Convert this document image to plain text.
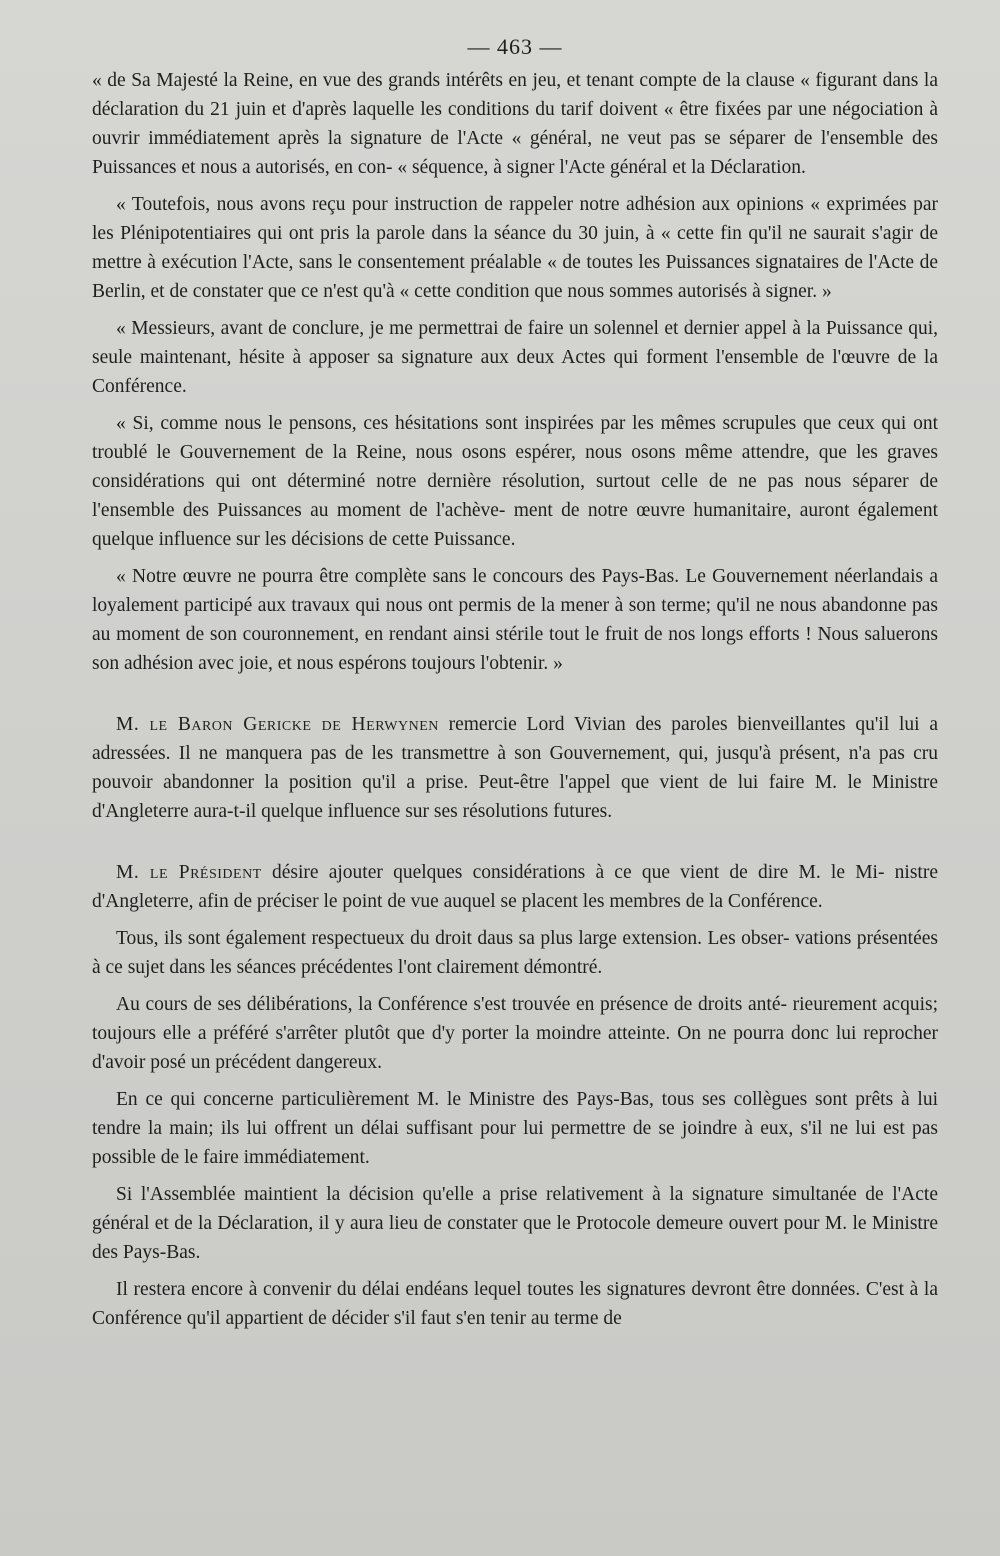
— 463 —

« de Sa Majesté la Reine, en vue des grands intérêts en jeu, et tenant compte de la clause « figurant dans la déclaration du 21 juin et d'après laquelle les conditions du tarif doivent « être fixées par une négociation à ouvrir immédiatement après la signature de l'Acte « général, ne veut pas se séparer de l'ensemble des Puissances et nous a autorisés, en con- « séquence, à signer l'Acte général et la Déclaration.

« Toutefois, nous avons reçu pour instruction de rappeler notre adhésion aux opinions « exprimées par les Plénipotentiaires qui ont pris la parole dans la séance du 30 juin, à « cette fin qu'il ne saurait s'agir de mettre à exécution l'Acte, sans le consentement préalable « de toutes les Puissances signataires de l'Acte de Berlin, et de constater que ce n'est qu'à « cette condition que nous sommes autorisés à signer. »

« Messieurs, avant de conclure, je me permettrai de faire un solennel et dernier appel à la Puissance qui, seule maintenant, hésite à apposer sa signature aux deux Actes qui forment l'ensemble de l'œuvre de la Conférence.

« Si, comme nous le pensons, ces hésitations sont inspirées par les mêmes scrupules que ceux qui ont troublé le Gouvernement de la Reine, nous osons espérer, nous osons même attendre, que les graves considérations qui ont déterminé notre dernière résolution, surtout celle de ne pas nous séparer de l'ensemble des Puissances au moment de l'achève- ment de notre œuvre humanitaire, auront également quelque influence sur les décisions de cette Puissance.

« Notre œuvre ne pourra être complète sans le concours des Pays-Bas. Le Gouvernement néerlandais a loyalement participé aux travaux qui nous ont permis de la mener à son terme; qu'il ne nous abandonne pas au moment de son couronnement, en rendant ainsi stérile tout le fruit de nos longs efforts ! Nous saluerons son adhésion avec joie, et nous espérons toujours l'obtenir. »

M. le Baron Gericke de Herwynen remercie Lord Vivian des paroles bienveillantes qu'il lui a adressées. Il ne manquera pas de les transmettre à son Gouvernement, qui, jusqu'à présent, n'a pas cru pouvoir abandonner la position qu'il a prise. Peut-être l'appel que vient de lui faire M. le Ministre d'Angleterre aura-t-il quelque influence sur ses résolutions futures.

M. le Président désire ajouter quelques considérations à ce que vient de dire M. le Mi- nistre d'Angleterre, afin de préciser le point de vue auquel se placent les membres de la Conférence.

Tous, ils sont également respectueux du droit daus sa plus large extension. Les obser- vations présentées à ce sujet dans les séances précédentes l'ont clairement démontré.

Au cours de ses délibérations, la Conférence s'est trouvée en présence de droits anté- rieurement acquis; toujours elle a préféré s'arrêter plutôt que d'y porter la moindre atteinte. On ne pourra donc lui reprocher d'avoir posé un précédent dangereux.

En ce qui concerne particulièrement M. le Ministre des Pays-Bas, tous ses collègues sont prêts à lui tendre la main; ils lui offrent un délai suffisant pour lui permettre de se joindre à eux, s'il ne lui est pas possible de le faire immédiatement.

Si l'Assemblée maintient la décision qu'elle a prise relativement à la signature simultanée de l'Acte général et de la Déclaration, il y aura lieu de constater que le Protocole demeure ouvert pour M. le Ministre des Pays-Bas.

Il restera encore à convenir du délai endéans lequel toutes les signatures devront être données. C'est à la Conférence qu'il appartient de décider s'il faut s'en tenir au terme de
